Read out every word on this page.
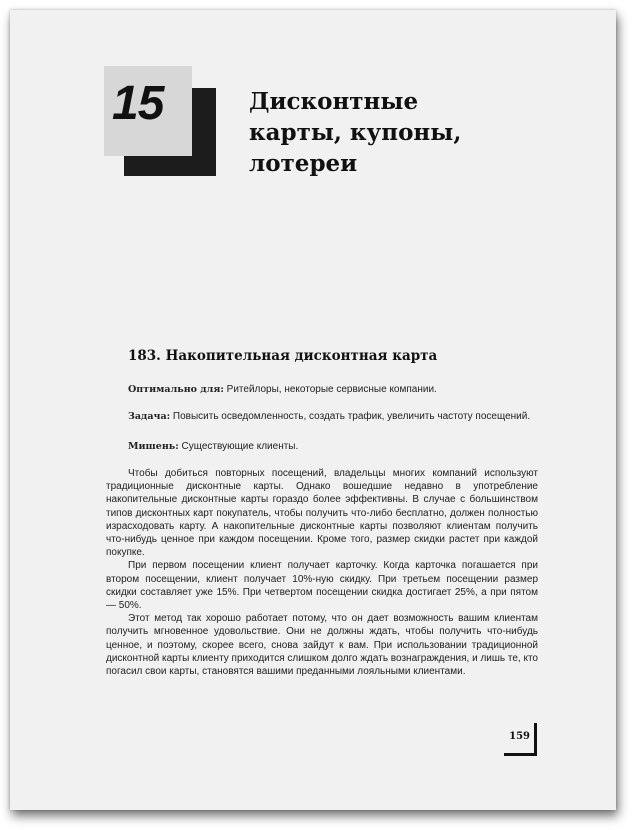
15	Дисконтные
карты, купоны,
лотереи
183. Накопительная дисконтная карта

Оптимально для: Ритейлоры, некоторые сервисные компании.

Задача: Повысить осведомленность, создать трафик, увеличить частоту посещений.

Мишень: Существующие клиенты.

Чтобы добиться повторных посещений, владельцы многих компаний используют традиционные дисконтные карты. Однако вошедшие недавно в употребление накопительные дисконтные карты гораздо более эффективны. В случае с большинством типов дисконтных карт покупатель, чтобы получить что-либо бесплатно, должен полностью израсходовать карту. А накопительные дисконтные карты позволяют клиентам получить что-нибудь ценное при каждом посещении. Кроме того, размер скидки растет при каждой покупке.

При первом посещении клиент получает карточку. Когда карточка погашается при втором посещении, клиент получает 10%-ную скидку. При третьем посещении размер скидки составляет уже 15%. При четвертом посещении скидка достигает 25%, а при пятом — 50%.

Этот метод так хорошо работает потому, что он дает возможность вашим клиентам получить мгновенное удовольствие. Они не должны ждать, чтобы получить что-нибудь ценное, и поэтому, скорее всего, снова зайдут к вам. При использовании традиционной дисконтной карты клиенту приходится слишком долго ждать вознаграждения, и лишь те, кто погасил свои карты, становятся вашими преданными лояльными клиентами.

159
